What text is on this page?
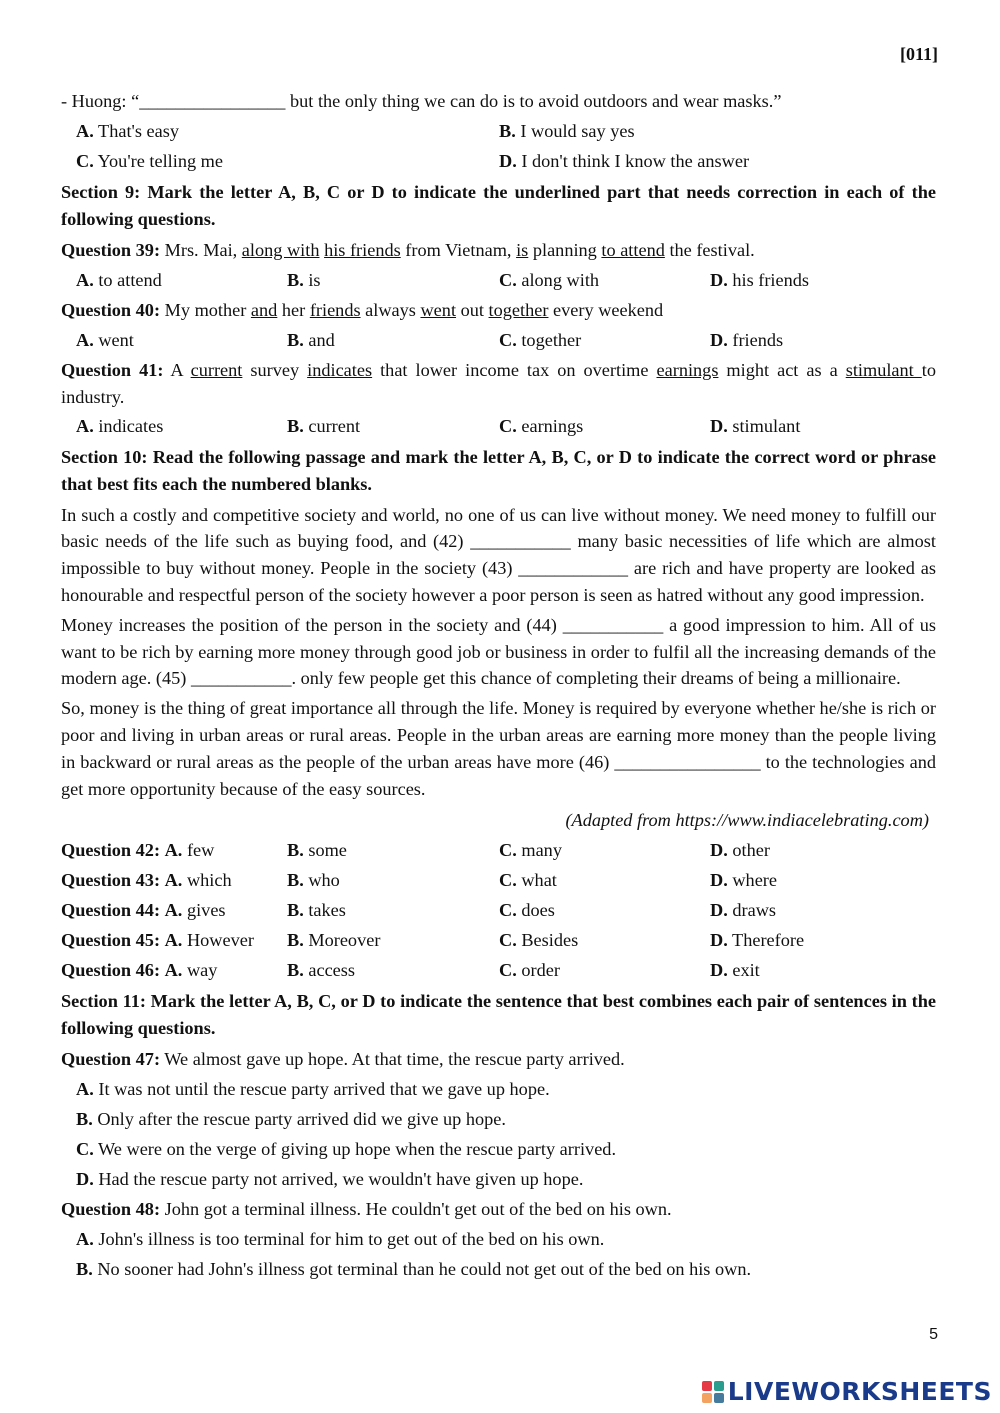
[011]
- Huong: “________________ but the only thing we can do is to avoid outdoors and wear masks.”
A. That's easy	B. I would say yes
C. You're telling me	D. I don't think I know the answer
Section 9: Mark the letter A, B, C or D to indicate the underlined part that needs correction in each of the following questions.
Question 39: Mrs. Mai, along with his friends from Vietnam, is planning to attend the festival.
A. to attend	B. is	C. along with	D. his friends
Question 40: My mother and her friends always went out together every weekend
A. went	B. and	C. together	D. friends
Question 41: A current survey indicates that lower income tax on overtime earnings might act as a stimulant to industry.
A. indicates	B. current	C. earnings	D. stimulant
Section 10: Read the following passage and mark the letter A, B, C, or D to indicate the correct word or phrase that best fits each the numbered blanks.
In such a costly and competitive society and world, no one of us can live without money. We need money to fulfill our basic needs of the life such as buying food, and (42) ___________ many basic necessities of life which are almost impossible to buy without money. People in the society (43) ____________ are rich and have property are looked as honourable and respectful person of the society however a poor person is seen as hatred without any good impression.
Money increases the position of the person in the society and (44) ___________ a good impression to him. All of us want to be rich by earning more money through good job or business in order to fulfil all the increasing demands of the modern age. (45) ___________. only few people get this chance of completing their dreams of being a millionaire.
So, money is the thing of great importance all through the life. Money is required by everyone whether he/she is rich or poor and living in urban areas or rural areas. People in the urban areas are earning more money than the people living in backward or rural areas as the people of the urban areas have more (46) ________________ to the technologies and get more opportunity because of the easy sources.
(Adapted from https://www.indiacelebrating.com)
Question 42: A. few	B. some	C. many	D. other
Question 43: A. which	B. who	C. what	D. where
Question 44: A. gives	B. takes	C. does	D. draws
Question 45: A. However B. Moreover	C. Besides	D. Therefore
Question 46: A. way	B. access	C. order	D. exit
Section 11: Mark the letter A, B, C, or D to indicate the sentence that best combines each pair of sentences in the following questions.
Question 47: We almost gave up hope. At that time, the rescue party arrived.
A. It was not until the rescue party arrived that we gave up hope.
B. Only after the rescue party arrived did we give up hope.
C. We were on the verge of giving up hope when the rescue party arrived.
D. Had the rescue party not arrived, we wouldn't have given up hope.
Question 48: John got a terminal illness. He couldn't get out of the bed on his own.
A. John's illness is too terminal for him to get out of the bed on his own.
B. No sooner had John's illness got terminal than he could not get out of the bed on his own.
5
LIVEWORKSHEETS
